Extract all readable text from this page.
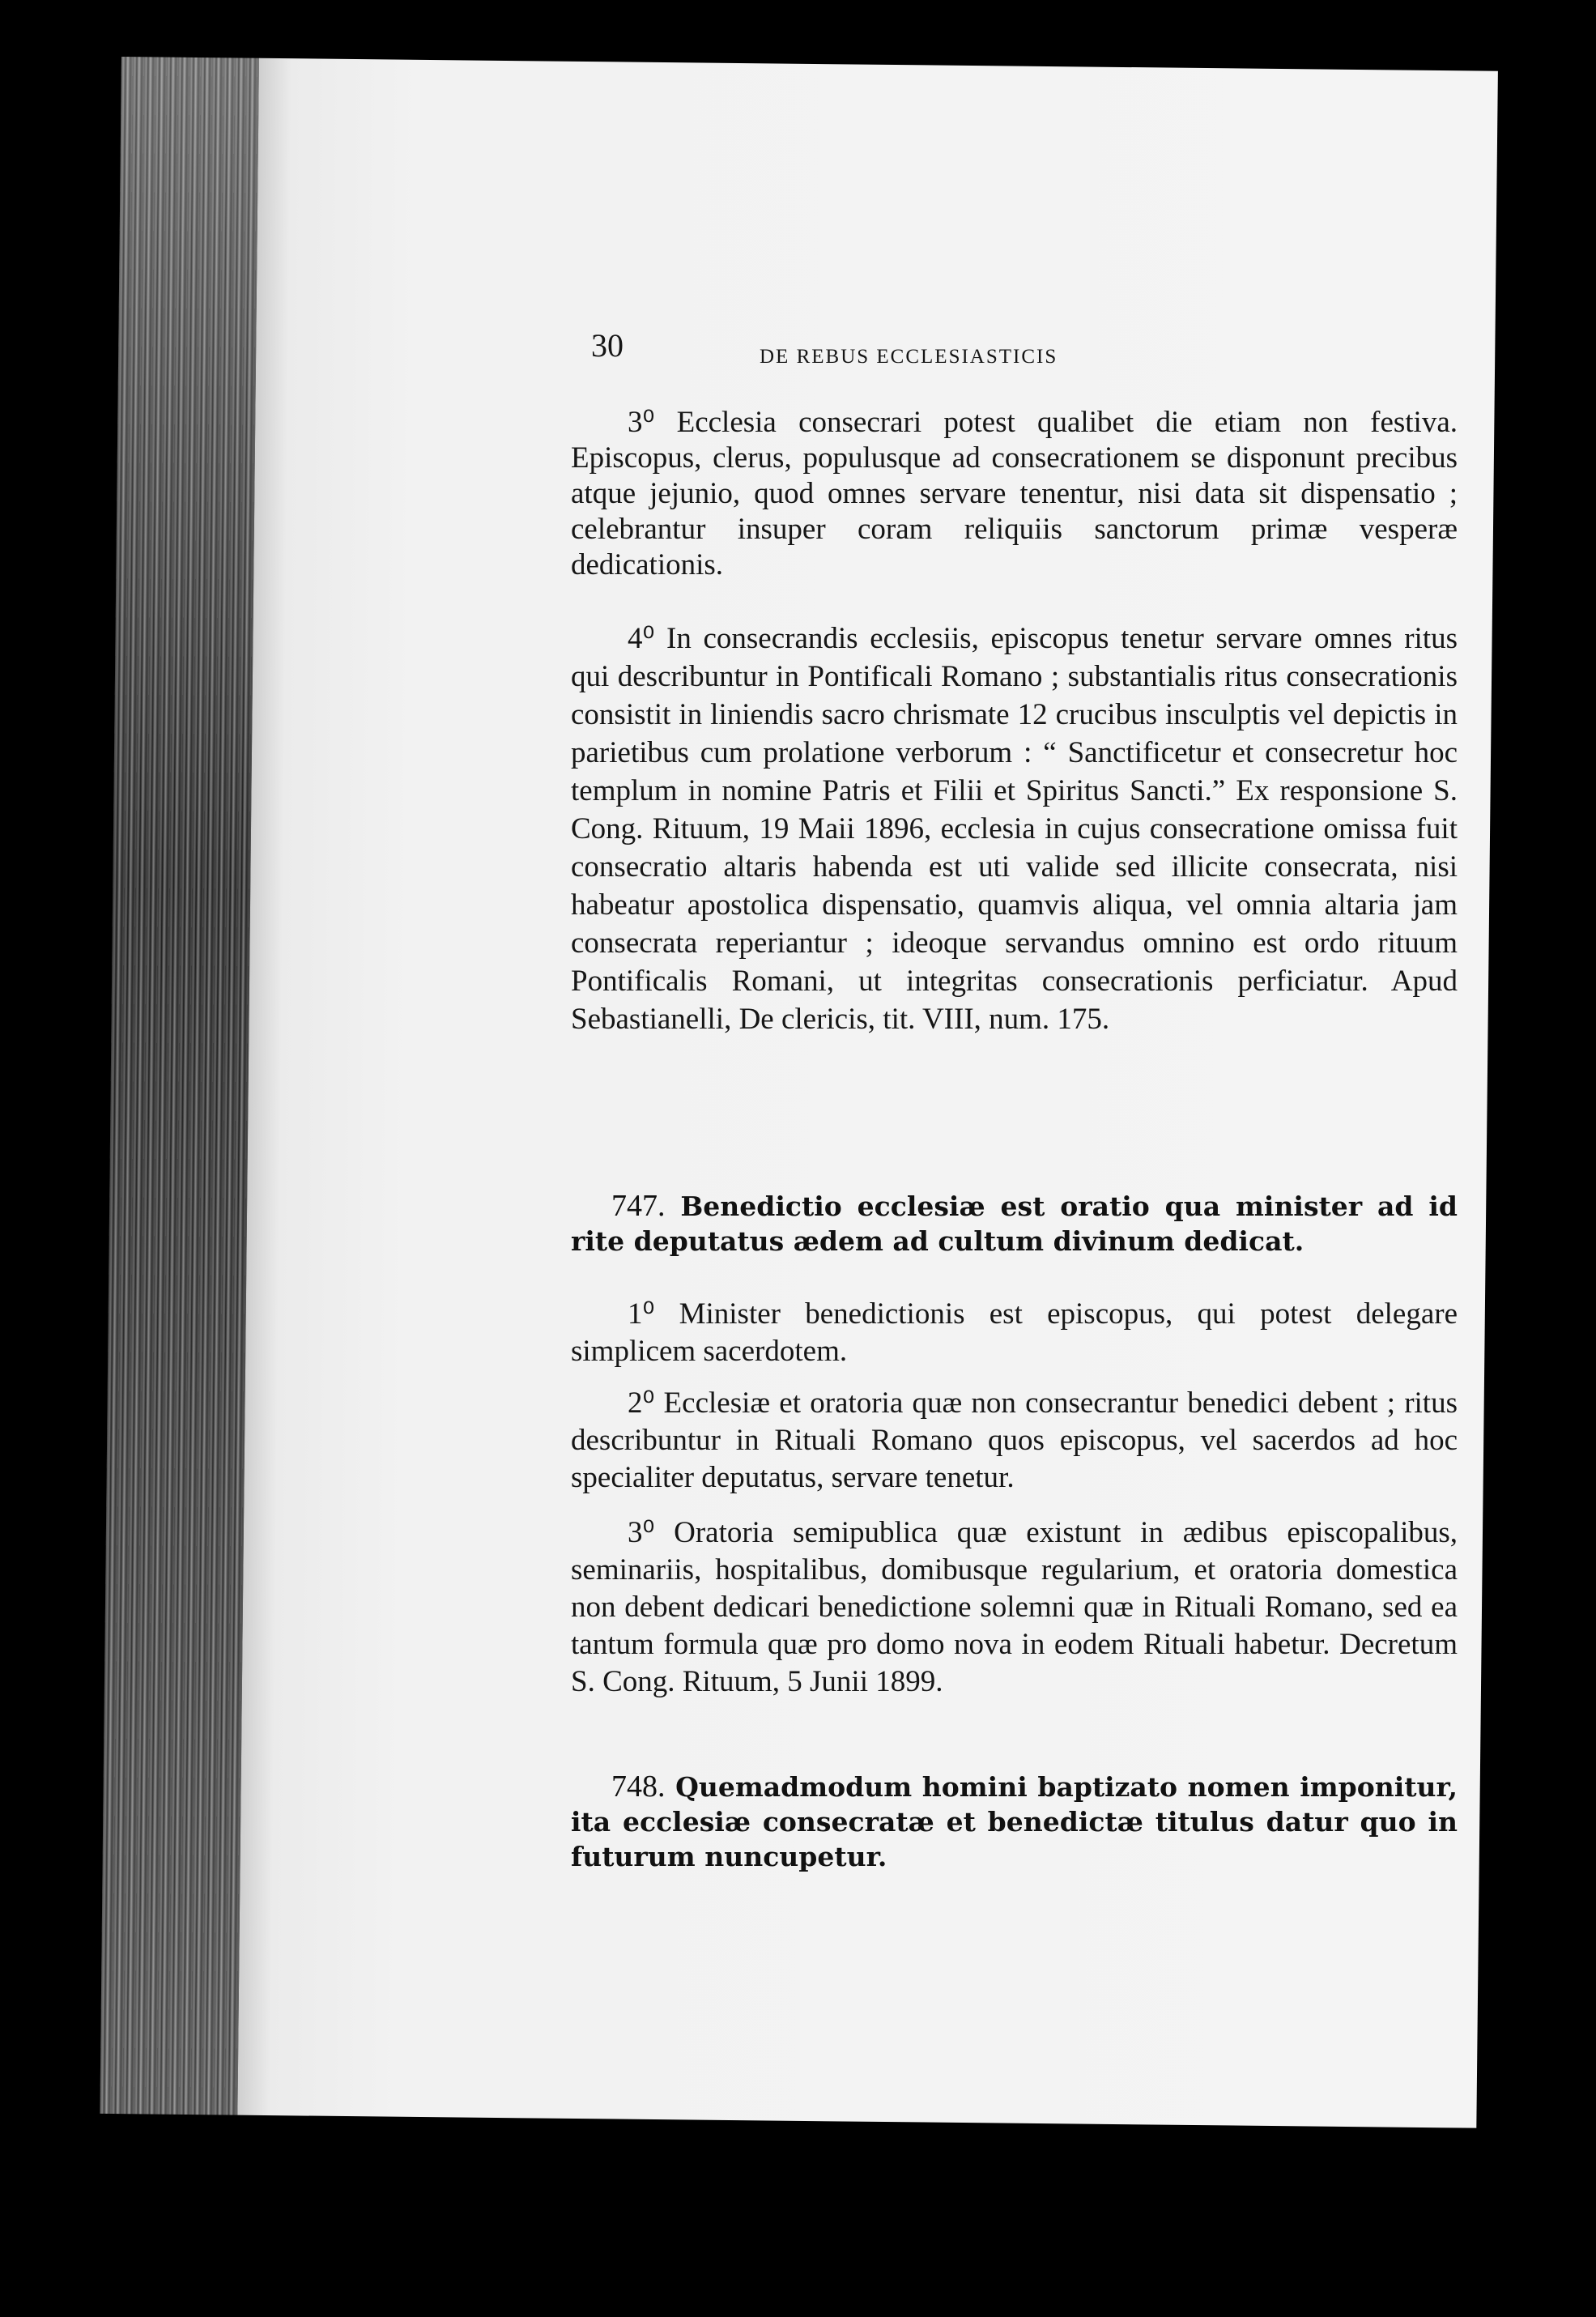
30	DE REBUS ECCLESIASTICIS

3⁰ Ecclesia consecrari potest qualibet die etiam non festiva. Episcopus, clerus, populusque ad consecrationem se disponunt precibus atque jejunio, quod omnes servare tenentur, nisi data sit dispensatio ; celebrantur insuper coram reliquiis sanctorum primæ vesperæ dedicationis.

4⁰ In consecrandis ecclesiis, episcopus tenetur servare omnes ritus qui describuntur in Pontificali Romano ; substantialis ritus consecrationis consistit in liniendis sacro chrismate 12 crucibus insculptis vel depictis in parietibus cum prolatione verborum : “ Sanctificetur et consecretur hoc templum in nomine Patris et Filii et Spiritus Sancti.” Ex responsione S. Cong. Rituum, 19 Maii 1896, ecclesia in cujus consecratione omissa fuit consecratio altaris habenda est uti valide sed illicite consecrata, nisi habeatur apostolica dispensatio, quamvis aliqua, vel omnia altaria jam consecrata reperiantur ; ideoque servandus omnino est ordo rituum Pontificalis Romani, ut integritas consecrationis perficiatur. Apud Sebastianelli, De clericis, tit. VIII, num. 175.

747. Benedictio ecclesiæ est oratio qua minister ad id rite deputatus ædem ad cultum divinum dedicat.

1⁰ Minister benedictionis est episcopus, qui potest delegare simplicem sacerdotem.

2⁰ Ecclesiæ et oratoria quæ non consecrantur benedici debent ; ritus describuntur in Rituali Romano quos episcopus, vel sacerdos ad hoc specialiter deputatus, servare tenetur.

3⁰ Oratoria semipublica quæ existunt in ædibus episcopalibus, seminariis, hospitalibus, domibusque regularium, et oratoria domestica non debent dedicari benedictione solemni quæ in Rituali Romano, sed ea tantum formula quæ pro domo nova in eodem Rituali habetur. Decretum S. Cong. Rituum, 5 Junii 1899.

748. Quemadmodum homini baptizato nomen imponitur, ita ecclesiæ consecratæ et benedictæ titulus datur quo in futurum nuncupetur.
